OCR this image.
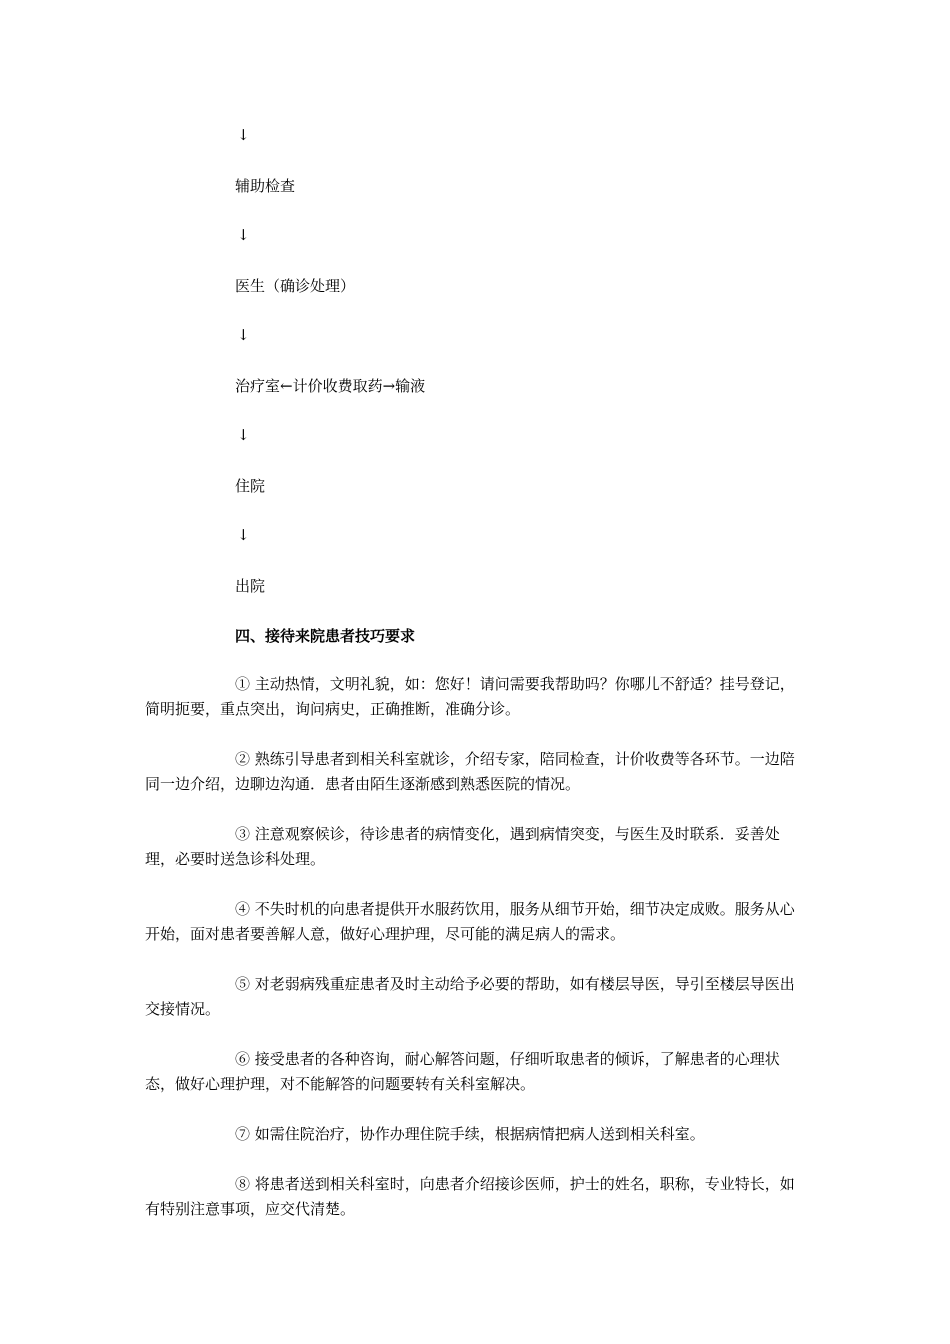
↓
辅助检查
↓
医生（确诊处理）
↓
治疗室←计价收费取药→输液
↓
住院
↓
出院
四、接待来院患者技巧要求
① 主动热情，文明礼貌，如：您好！请问需要我帮助吗？你哪儿不舒适？挂号登记，简明扼要，重点突出，询问病史，正确推断，准确分诊。
② 熟练引导患者到相关科室就诊，介绍专家，陪同检查，计价收费等各环节。一边陪同一边介绍，边聊边沟通．患者由陌生逐渐感到熟悉医院的情况。
③ 注意观察候诊，待诊患者的病情变化，遇到病情突变，与医生及时联系．妥善处理，必要时送急诊科处理。
④ 不失时机的向患者提供开水服药饮用，服务从细节开始，细节决定成败。服务从心开始，面对患者要善解人意，做好心理护理，尽可能的满足病人的需求。
⑤ 对老弱病残重症患者及时主动给予必要的帮助，如有楼层导医，导引至楼层导医出交接情况。
⑥ 接受患者的各种咨询，耐心解答问题，仔细听取患者的倾诉，了解患者的心理状态，做好心理护理，对不能解答的问题要转有关科室解决。
⑦ 如需住院治疗，协作办理住院手续，根据病情把病人送到相关科室。
⑧ 将患者送到相关科室时，向患者介绍接诊医师，护士的姓名，职称，专业特长，如有特别注意事项，应交代清楚。
